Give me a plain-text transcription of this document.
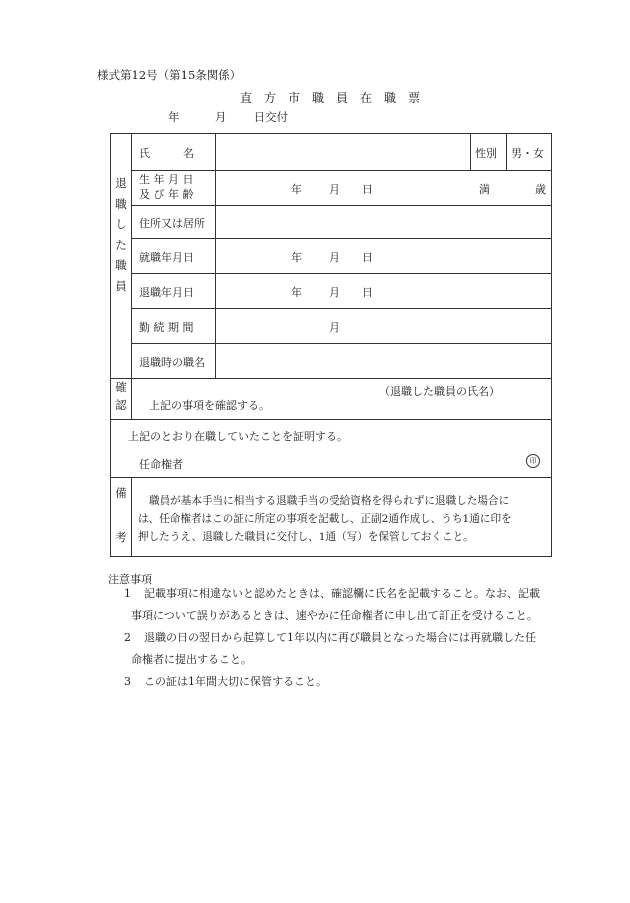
様式第12号（第15条関係）
直　方　市　職　員　在　職　票
年	月 日交付
退
職
し
た
職
員
氏　　　名	性別 男・女
生 年 月 日
及 び 年 齢	年 月 日	満	歳
住所又は居所
就職年月日	年 月 日
退職年月日	年 月 日
勤 続 期 間	月
退職時の職名
確
認
（退職した職員の氏名）
上記の事項を確認する。
上記のとおり在職していたことを証明する。
任命権者	印
備
考
職員が基本手当に相当する退職手当の受給資格を得られずに退職した場合に
は、任命権者はこの証に所定の事項を記載し、正副2通作成し、うち1通に印を
押したうえ、退職した職員に交付し、1通（写）を保管しておくこと。
注意事項
1	記載事項に相違ないと認めたときは、確認欄に氏名を記載すること。なお、記載
事項について誤りがあるときは、速やかに任命権者に申し出て訂正を受けること。
2	退職の日の翌日から起算して1年以内に再び職員となった場合には再就職した任
命権者に提出すること。
3	この証は1年間大切に保管すること。
